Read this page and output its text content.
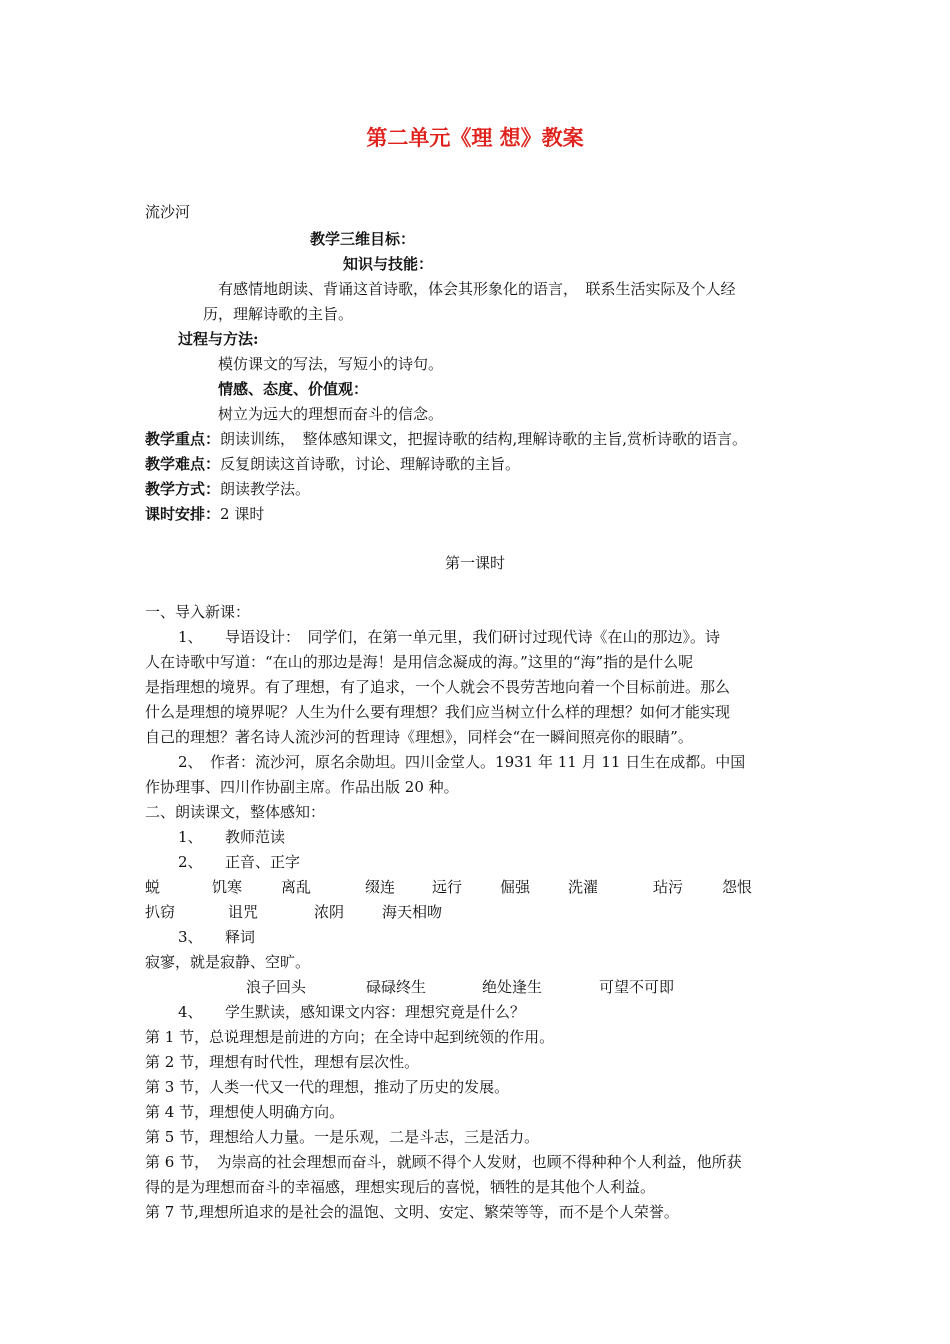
第二单元《理 想》教案
流沙河
教学三维目标：
知识与技能：
有感情地朗读、背诵这首诗歌，体会其形象化的语言，　联系生活实际及个人经
历，理解诗歌的主旨。
过程与方法:
模仿课文的写法，写短小的诗句。
情感、态度、价值观：
树立为远大的理想而奋斗的信念。
教学重点：朗读训练，　整体感知课文，把握诗歌的结构,理解诗歌的主旨,赏析诗歌的语言。
教学难点：反复朗读这首诗歌，讨论、理解诗歌的主旨。
教学方式：朗读教学法。
课时安排：2 课时
第一课时
一、导入新课：
1、　　导语设计：　同学们，在第一单元里，我们研讨过现代诗《在山的那边》。诗
人在诗歌中写道：“在山的那边是海！是用信念凝成的海。”这里的“海”指的是什么呢
是指理想的境界。有了理想，有了追求，一个人就会不畏劳苦地向着一个目标前进。那么
什么是理想的境界呢？人生为什么要有理想？我们应当树立什么样的理想？如何才能实现
自己的理想？著名诗人流沙河的哲理诗《理想》，同样会“在一瞬间照亮你的眼睛”。
2、　作者：流沙河，原名余勋坦。四川金堂人。1931 年 11 月 11 日生在成都。中国
作协理事、四川作协副主席。作品出版 20 种。
二、朗读课文，整体感知：
1、　　教师范读
2、　　正音、正字
蜕	饥寒	离乱	缀连 远行	倔强	洗濯	玷污	怨恨
扒窃	诅咒	浓阴	海天相吻
3、　　释词
寂寥，就是寂静、空旷。
浪子回头	碌碌终生	绝处逢生	可望不可即
4、　　学生默读，感知课文内容：理想究竟是什么？
第 1 节，总说理想是前进的方向；在全诗中起到统领的作用。
第 2 节，理想有时代性，理想有层次性。
第 3 节，人类一代又一代的理想，推动了历史的发展。
第 4 节，理想使人明确方向。
第 5 节，理想给人力量。一是乐观，二是斗志，三是活力。
第 6 节，　为崇高的社会理想而奋斗，就顾不得个人发财，也顾不得种种个人利益，他所获
得的是为理想而奋斗的幸福感，理想实现后的喜悦，牺牲的是其他个人利益。
第 7 节,理想所追求的是社会的温饱、文明、安定、繁荣等等，而不是个人荣誉。
